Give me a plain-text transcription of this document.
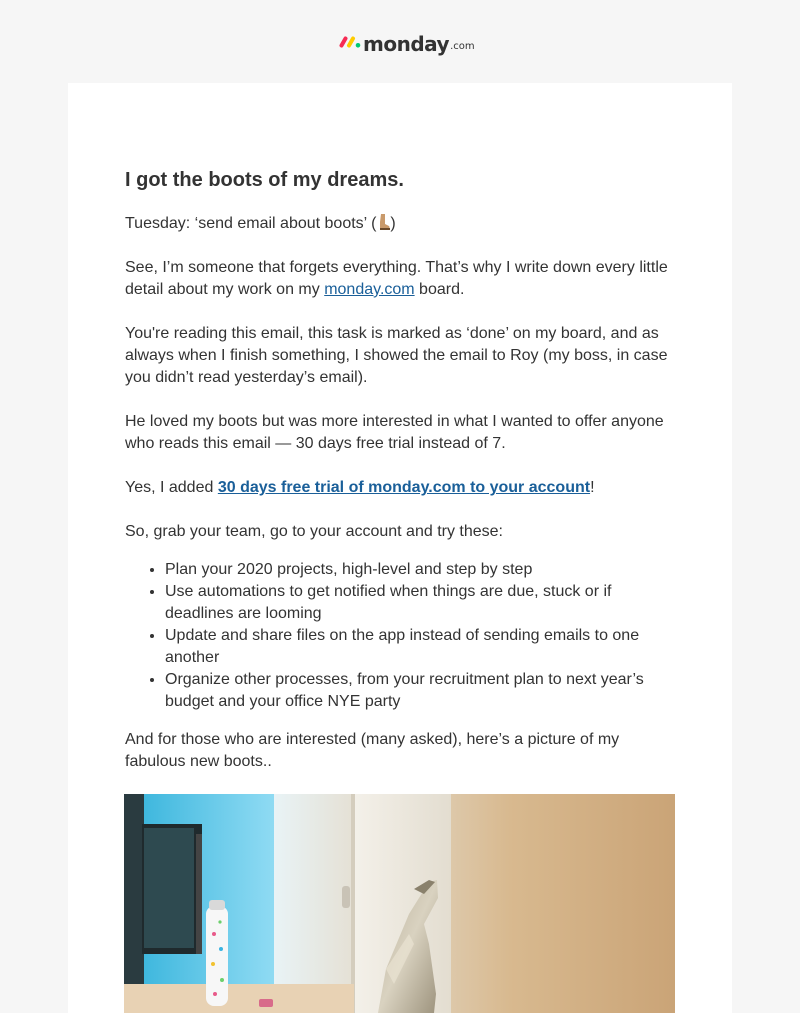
monday .com
I got the boots of my dreams.

Tuesday: ‘send email about boots’ ( )

See, I’m someone that forgets everything. That’s why I write down every little detail about my work on my monday.com board.

You're reading this email, this task is marked as ‘done’ on my board, and as always when I finish something, I showed the email to Roy (my boss, in case you didn’t read yesterday’s email).

He loved my boots but was more interested in what I wanted to offer anyone who reads this email — 30 days free trial instead of 7.

Yes, I added 30 days free trial of monday.com to your account!

So, grab your team, go to your account and try these:

• Plan your 2020 projects, high-level and step by step
• Use automations to get notified when things are due, stuck or if deadlines are looming
• Update and share files on the app instead of sending emails to one another
• Organize other processes, from your recruitment plan to next year’s budget and your office NYE party

And for those who are interested (many asked), here’s a picture of my fabulous new boots..
